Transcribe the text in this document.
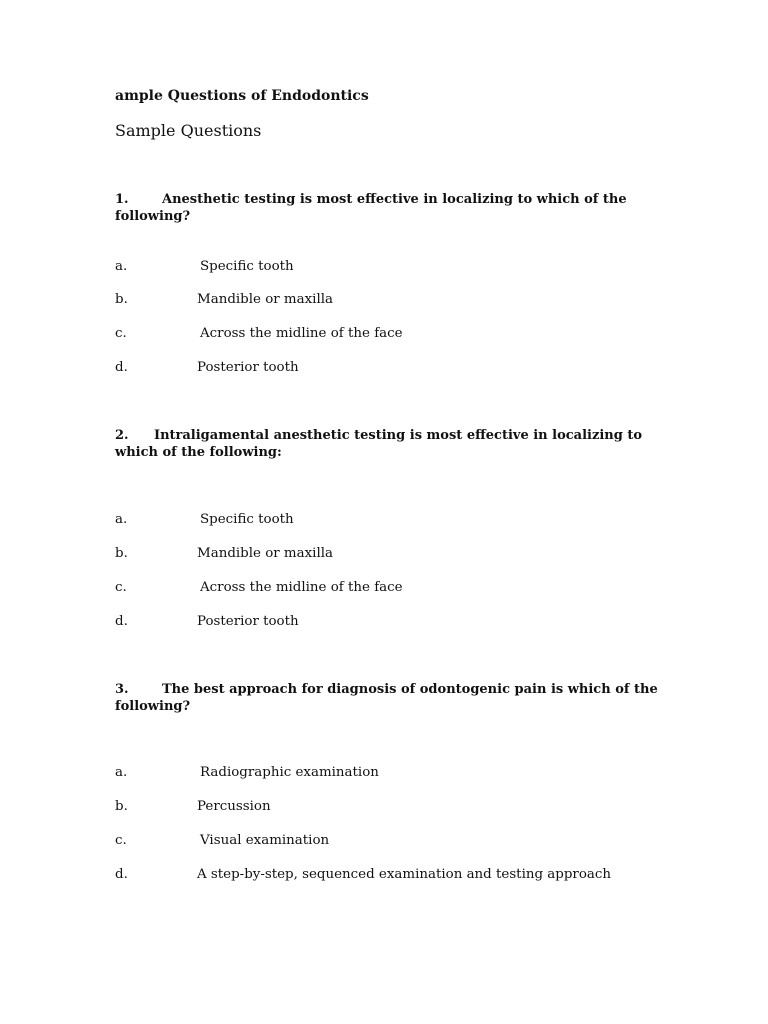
ample Questions of Endodontics
Sample Questions
1.	Anesthetic testing is most effective in localizing to which of the following?
a.	Specific tooth
b.	Mandible or maxilla
c.	Across the midline of the face
d.	Posterior tooth
2. Intraligamental anesthetic testing is most effective in localizing to which of the following:
a.	Specific tooth
b.	Mandible or maxilla
c.	Across the midline of the face
d.	Posterior tooth
3.	The best approach for diagnosis of odontogenic pain is which of the following?
a.	Radiographic examination
b.	Percussion
c.	Visual examination
d.	A step-by-step, sequenced examination and testing approach
